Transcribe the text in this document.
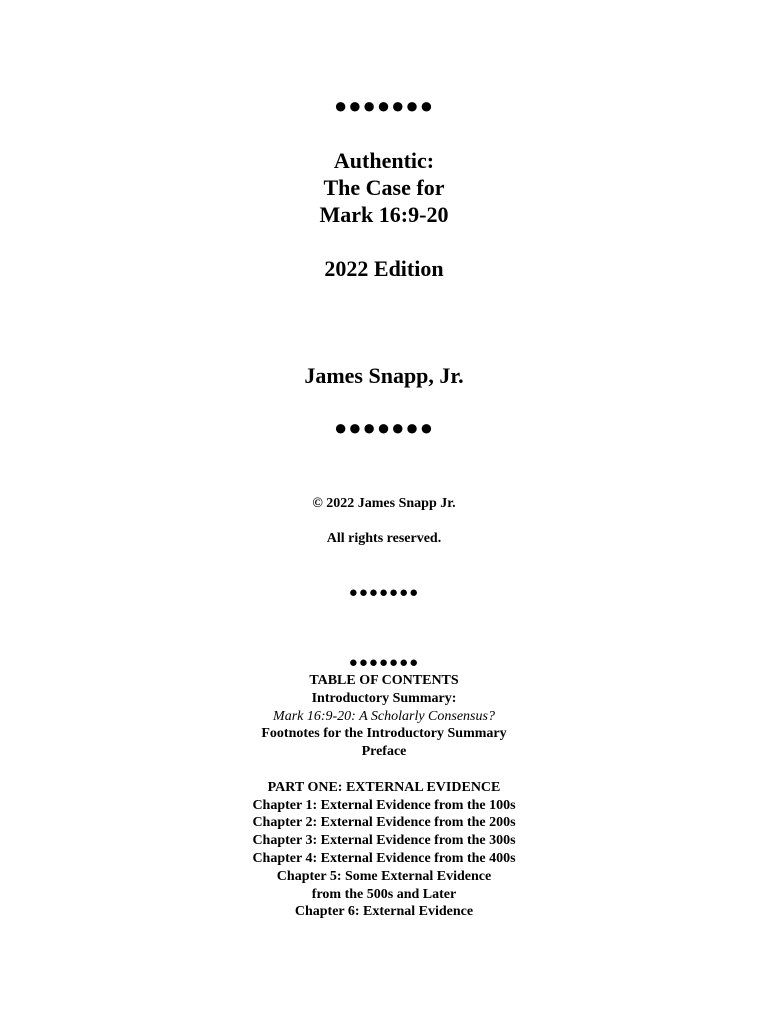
●●●●●●●
Authentic:
The Case for
Mark 16:9-20
2022 Edition
James Snapp, Jr.
●●●●●●●
© 2022 James Snapp Jr.
All rights reserved.
●●●●●●●
●●●●●●●
TABLE OF CONTENTS
Introductory Summary:
Mark 16:9-20: A Scholarly Consensus?
Footnotes for the Introductory Summary
Preface
PART ONE: EXTERNAL EVIDENCE
Chapter 1: External Evidence from the 100s
Chapter 2: External Evidence from the 200s
Chapter 3: External Evidence from the 300s
Chapter 4: External Evidence from the 400s
Chapter 5: Some External Evidence
from the 500s and Later
Chapter 6: External Evidence
